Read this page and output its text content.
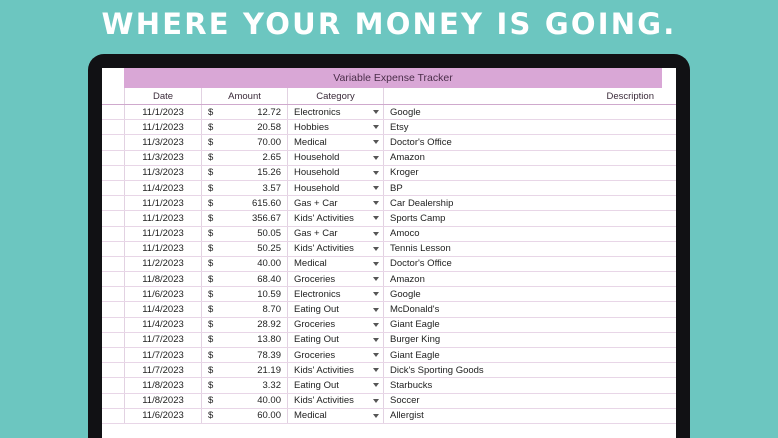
WHERE YOUR MONEY IS GOING.
Variable Expense Tracker
Date	Amount	Category	Description
11/1/2023	$	12.72 Electronics	Google
11/1/2023	$	20.58 Hobbies	Etsy
11/3/2023	$	70.00 Medical	Doctor's Office
11/3/2023	$	2.65 Household	Amazon
11/3/2023	$	15.26 Household	Kroger
11/4/2023	$	3.57 Household	BP
11/1/2023	$	615.60 Gas + Car	Car Dealership
11/1/2023	$	356.67 Kids' Activities	Sports Camp
11/1/2023	$	50.05 Gas + Car	Amoco
11/1/2023	$	50.25 Kids' Activities	Tennis Lesson
11/2/2023	$	40.00 Medical	Doctor's Office
11/8/2023	$	68.40 Groceries	Amazon
11/6/2023	$	10.59 Electronics	Google
11/4/2023	$	8.70 Eating Out	McDonald's
11/4/2023	$	28.92 Groceries	Giant Eagle
11/7/2023	$	13.80 Eating Out	Burger King
11/7/2023	$	78.39 Groceries	Giant Eagle
11/7/2023	$	21.19 Kids' Activities	Dick's Sporting Goods
11/8/2023	$	3.32 Eating Out	Starbucks
11/8/2023	$	40.00 Kids' Activities	Soccer
11/6/2023	$	60.00 Medical	Allergist
